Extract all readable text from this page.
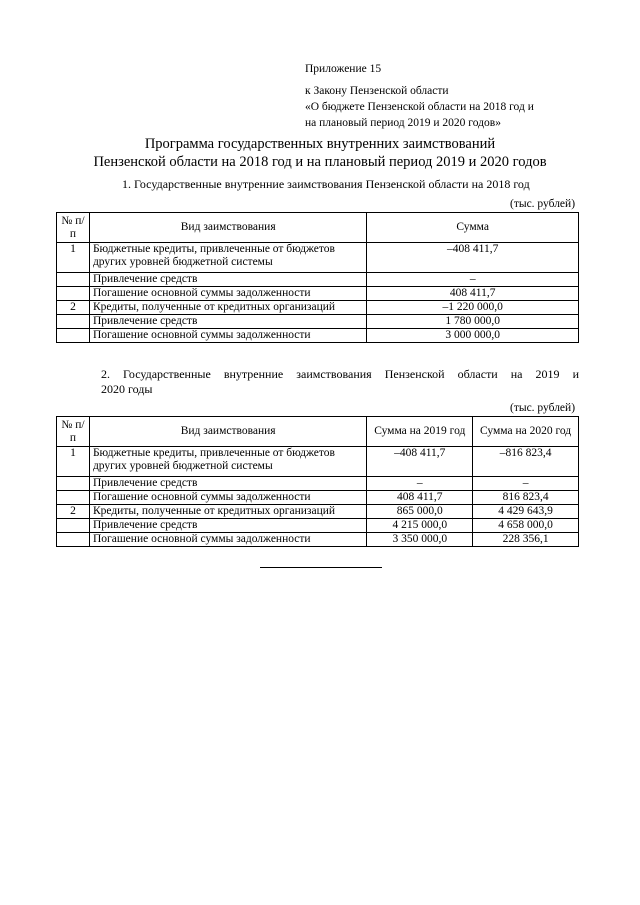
Приложение 15
к Закону Пензенской области
«О бюджете Пензенской области на 2018 год и
на плановый период 2019 и 2020 годов»
Программа государственных внутренних заимствований
Пензенской области на 2018 год и на плановый период 2019 и 2020 годов
1. Государственные внутренние заимствования Пензенской области на 2018 год
(тыс. рублей)
№ п/п	Вид заимствования	Сумма
1	Бюджетные кредиты, привлеченные от бюджетов других уровней бюджетной системы	–408 411,7
	Привлечение средств	–
	Погашение основной суммы задолженности	408 411,7
2	Кредиты, полученные от кредитных организаций	–1 220 000,0
	Привлечение средств	1 780 000,0
	Погашение основной суммы задолженности	3 000 000,0
2. Государственные внутренние заимствования Пензенской области на 2019 и
2020 годы
(тыс. рублей)
№ п/п	Вид заимствования	Сумма на 2019 год	Сумма на 2020 год
1	Бюджетные кредиты, привлеченные от бюджетов других уровней бюджетной системы	–408 411,7	–816 823,4
	Привлечение средств	–	–
	Погашение основной суммы задолженности	408 411,7	816 823,4
2	Кредиты, полученные от кредитных организаций	865 000,0	4 429 643,9
	Привлечение средств	4 215 000,0	4 658 000,0
	Погашение основной суммы задолженности	3 350 000,0	228 356,1
